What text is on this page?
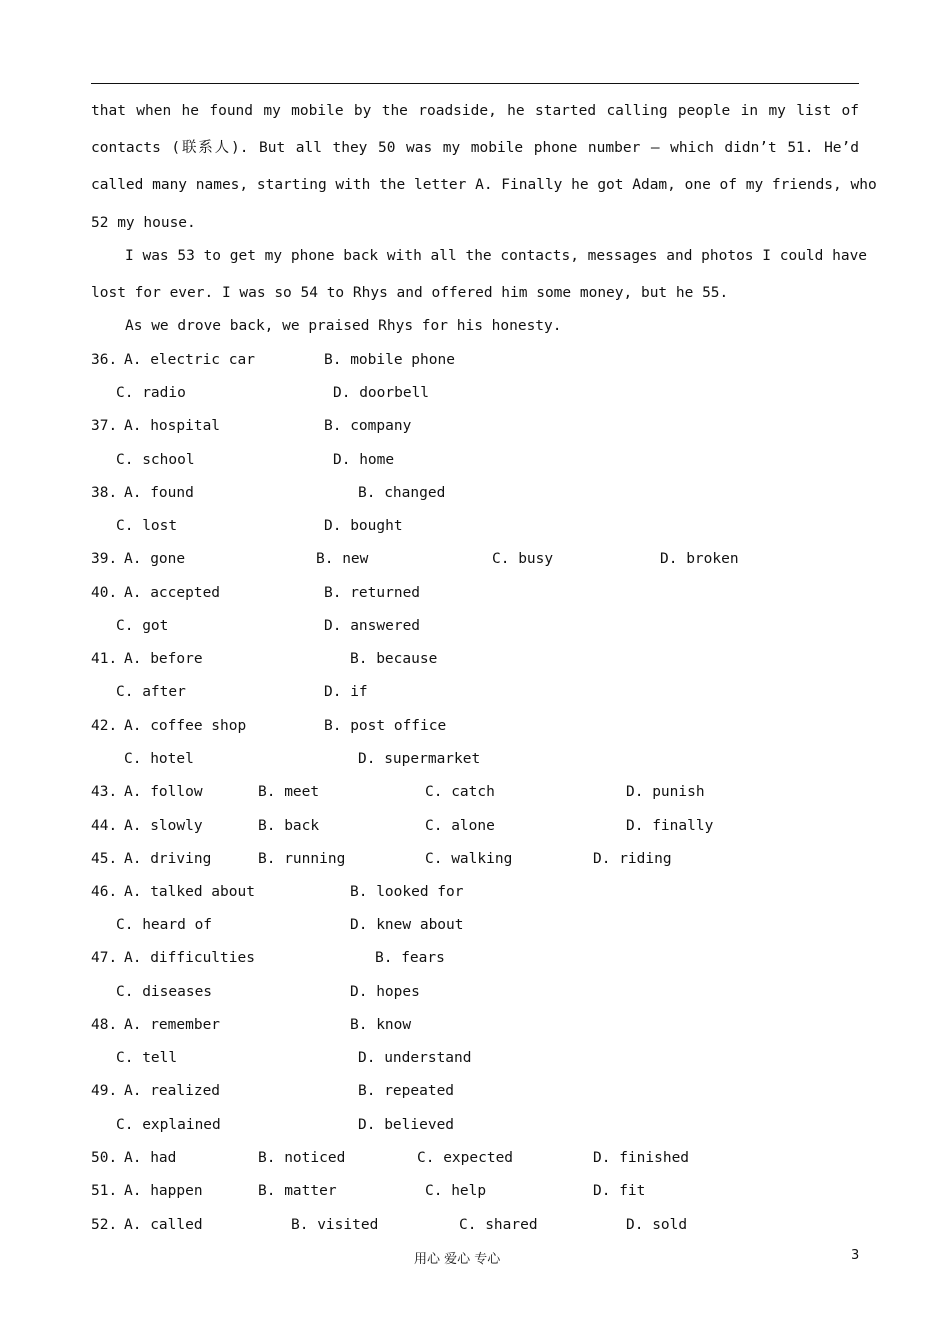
that when he found my mobile by the roadside, he started calling people in my list of
contacts (联系人). But all they 50 was my mobile phone number — which didn’t 51. He’d
called many names, starting with the letter A. Finally he got Adam, one of my friends, who
52 my house.
I was 53 to get my phone back with all the contacts, messages and photos I could have
lost for ever. I was so 54 to Rhys and offered him some money, but he 55.
As we drove back, we praised Rhys for his honesty.
36. A. electric car	B. mobile phone
C. radio	D. doorbell
37. A. hospital	B. company
C. school	D. home
38. A. found	B. changed
C. lost	D. bought
39. A. gone	B. new	C. busy	D. broken
40. A. accepted	B. returned
C. got	D. answered
41. A. before	B. because
C. after	D. if
42. A. coffee shop	B. post office
C. hotel	D. supermarket
43. A. follow	B. meet	C. catch	D. punish
44. A. slowly	B. back	C. alone	D. finally
45. A. driving	B. running	C. walking	D. riding
46. A. talked about	B. looked for
C. heard of	D. knew about
47. A. difficulties	B. fears
C. diseases	D. hopes
48. A. remember	B. know
C. tell	D. understand
49. A. realized	B. repeated
C. explained	D. believed
50. A. had	B. noticed	C. expected	D. finished
51. A. happen	B. matter	C. help	D. fit
52. A. called	B. visited	C. shared	D. sold
用心 爱心 专心	3
